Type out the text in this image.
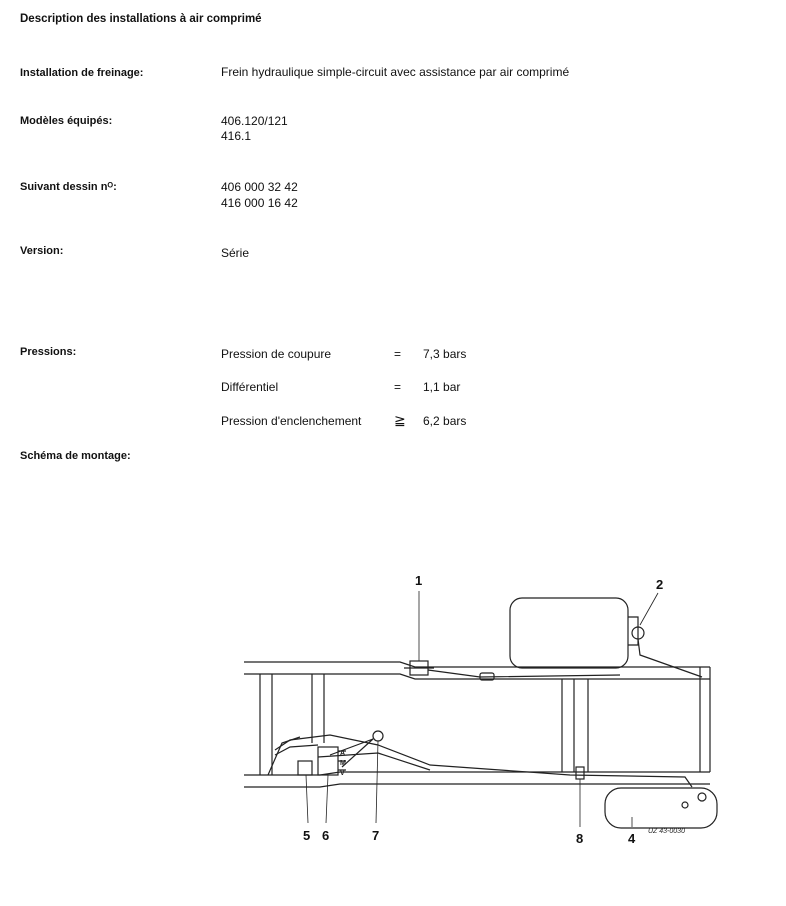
Description des installations à air comprimé
Installation de freinage:	Frein hydraulique simple-circuit avec assistance par air comprimé
Modèles équipés:	406.120/121
416.1
Suivant dessin nᴼ:	406 000 32 42
416 000 16 42
Version:	Série
Pressions:	Pression de coupure	= 7,3 bars
Différentiel	= 1,1 bar
Pression d'enclenchement ≧ 6,2 bars
Schéma de montage:
1	2
5 6	7	8	4
A
M
V
UZ 43-0030
